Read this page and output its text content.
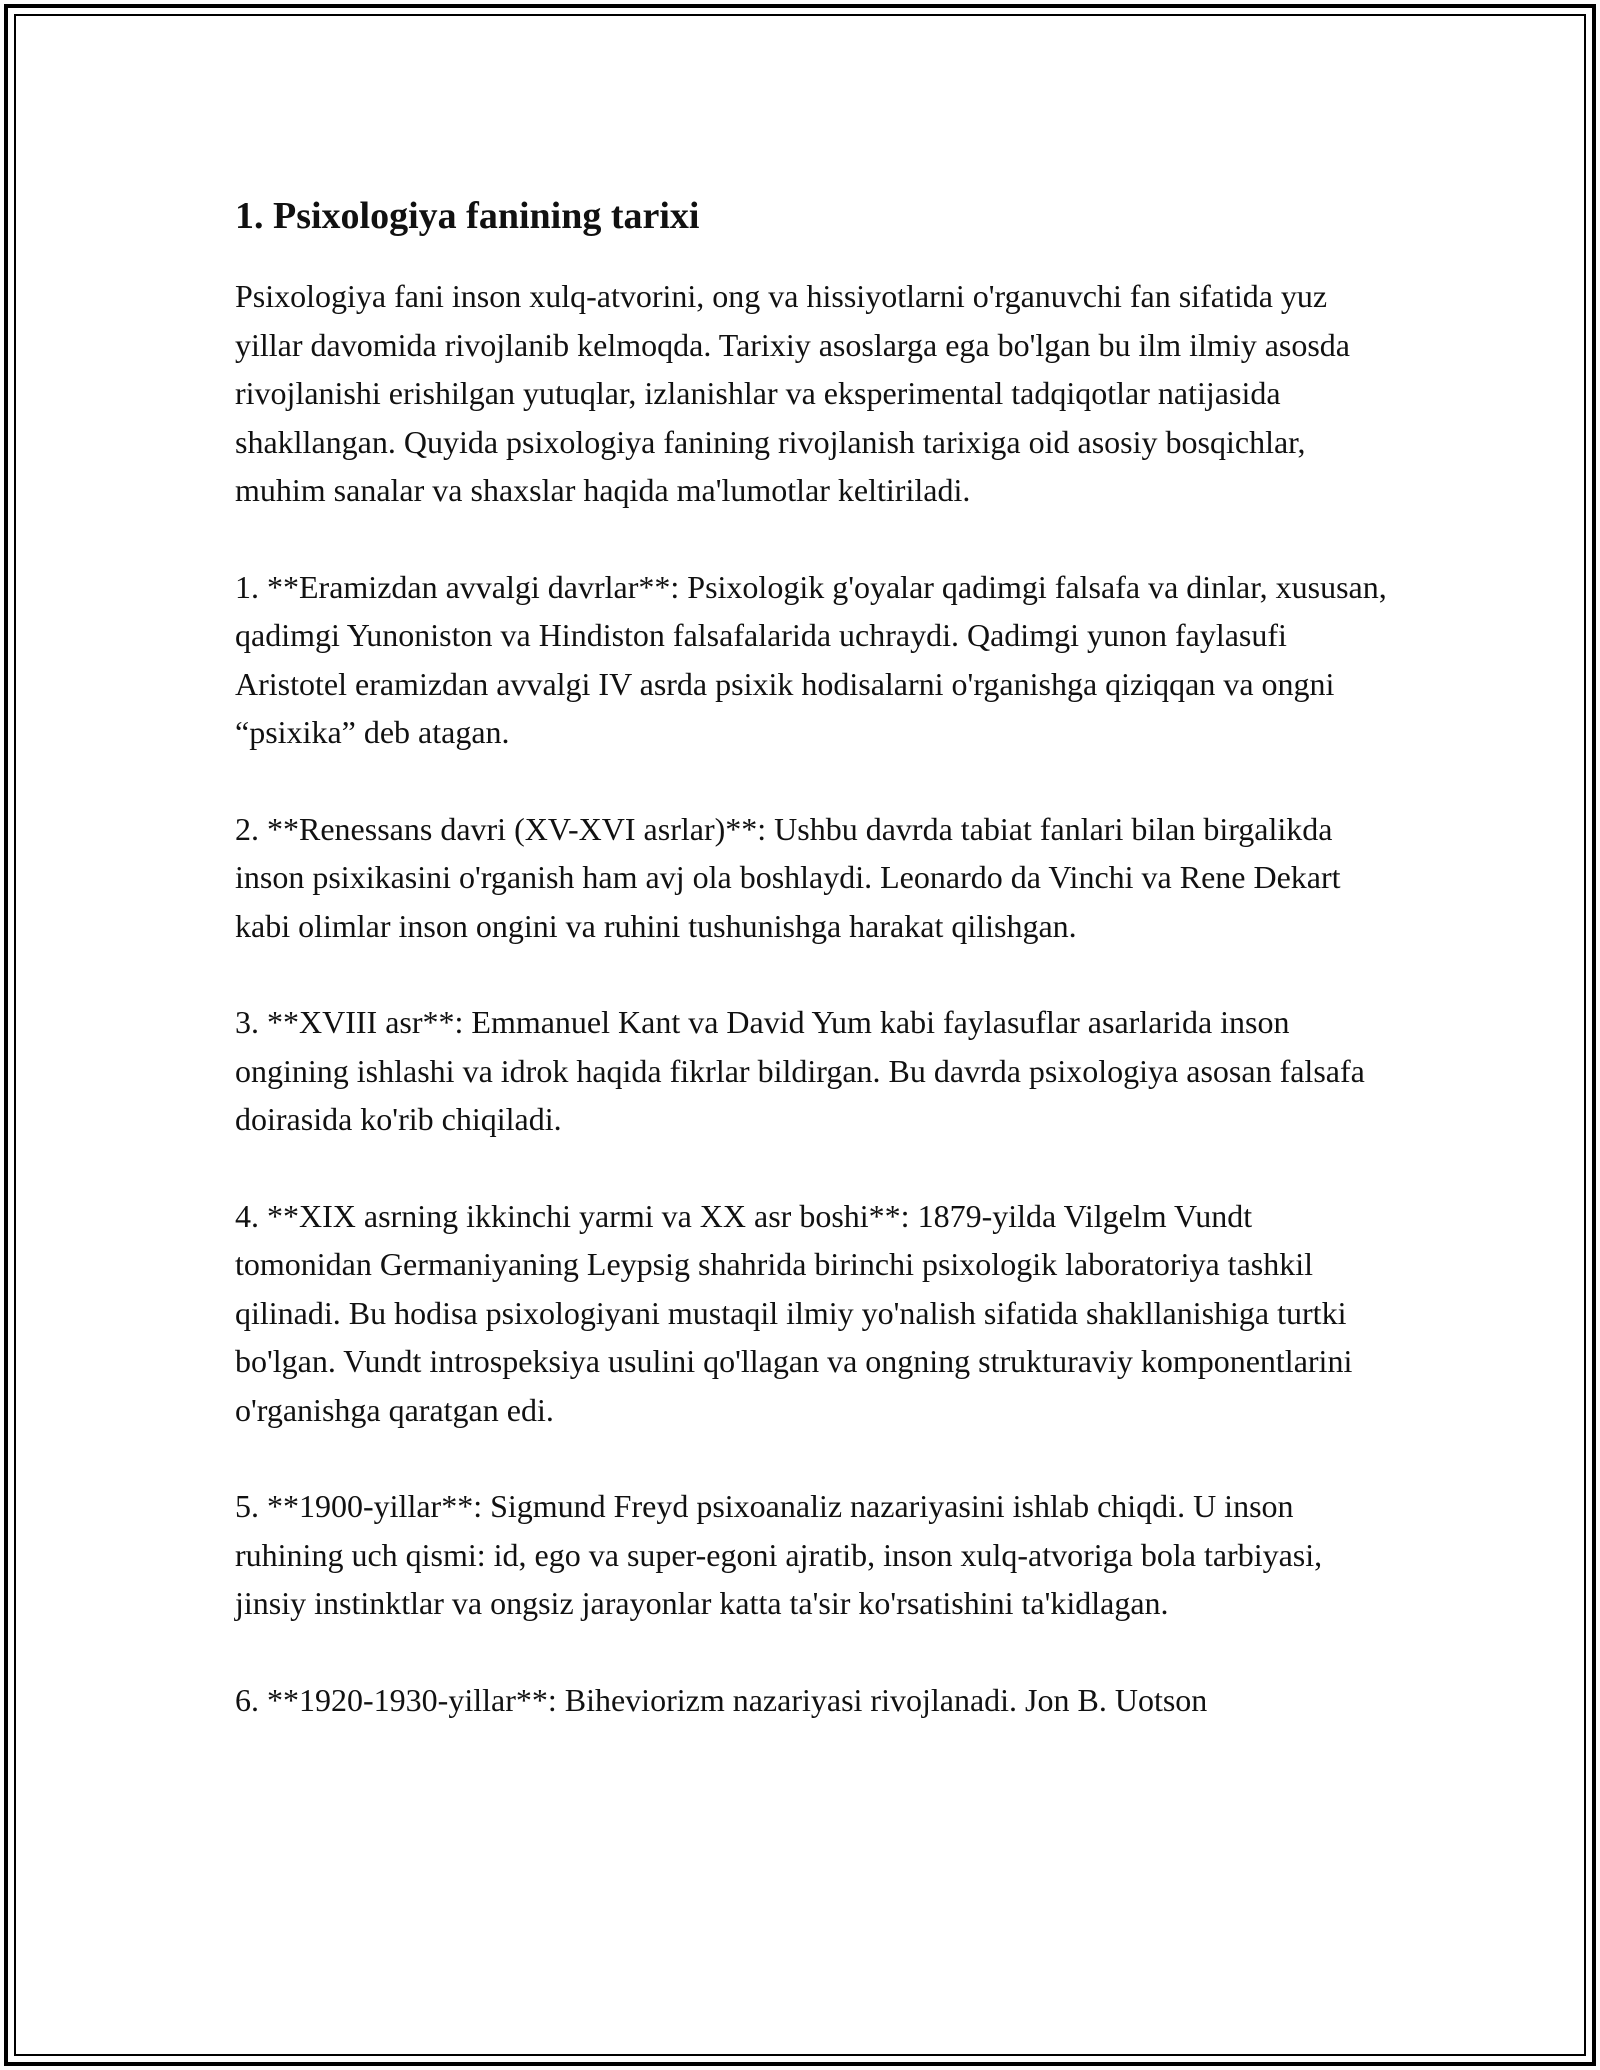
1. Psixologiya fanining tarixi

Psixologiya fani inson xulq-atvorini, ong va hissiyotlarni o'rganuvchi fan sifatida yuz yillar davomida rivojlanib kelmoqda. Tarixiy asoslarga ega bo'lgan bu ilm ilmiy asosda rivojlanishi erishilgan yutuqlar, izlanishlar va eksperimental tadqiqotlar natijasida shakllangan. Quyida psixologiya fanining rivojlanish tarixiga oid asosiy bosqichlar, muhim sanalar va shaxslar haqida ma'lumotlar keltiriladi.

1. **Eramizdan avvalgi davrlar**: Psixologik g'oyalar qadimgi falsafa va dinlar, xususan, qadimgi Yunoniston va Hindiston falsafalarida uchraydi. Qadimgi yunon faylasufi Aristotel eramizdan avvalgi IV asrda psixik hodisalarni o'rganishga qiziqqan va ongni “psixika” deb atagan.

2. **Renessans davri (XV-XVI asrlar)**: Ushbu davrda tabiat fanlari bilan birgalikda inson psixikasini o'rganish ham avj ola boshlaydi. Leonardo da Vinchi va Rene Dekart kabi olimlar inson ongini va ruhini tushunishga harakat qilishgan.

3. **XVIII asr**: Emmanuel Kant va David Yum kabi faylasuflar asarlarida inson ongining ishlashi va idrok haqida fikrlar bildirgan. Bu davrda psixologiya asosan falsafa doirasida ko'rib chiqiladi.

4. **XIX asrning ikkinchi yarmi va XX asr boshi**: 1879-yilda Vilgelm Vundt tomonidan Germaniyaning Leypsig shahrida birinchi psixologik laboratoriya tashkil qilinadi. Bu hodisa psixologiyani mustaqil ilmiy yo'nalish sifatida shakllanishiga turtki bo'lgan. Vundt introspeksiya usulini qo'llagan va ongning strukturaviy komponentlarini o'rganishga qaratgan edi.

5. **1900-yillar**: Sigmund Freyd psixoanaliz nazariyasini ishlab chiqdi. U inson ruhining uch qismi: id, ego va super-egoni ajratib, inson xulq-atvoriga bola tarbiyasi, jinsiy instinktlar va ongsiz jarayonlar katta ta'sir ko'rsatishini ta'kidlagan.

6. **1920-1930-yillar**: Biheviorizm nazariyasi rivojlanadi. Jon B. Uotson
